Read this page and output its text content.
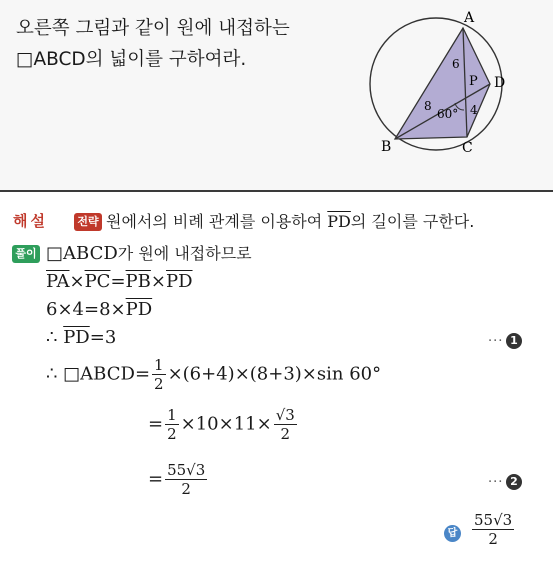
오른쪽 그림과 같이 원에 내접하는
□ABCD의 넓이를 구하여라.
A
B	C
D
P
6
8	4
60°
해설	전략 원에서의 비례 관계를 이용하여 $\overline{PD}$의 길이를 구한다.
풀이 □ABCD가 원에 내접하므로
$\overline{PA}\times\overline{PC}=\overline{PB}\times\overline{PD}$
$6\times 4=8\times\overline{PD}$
∴ $\overline{PD}=3$	··· 1
∴ □ABCD= $\frac{1}{2} \times(6+4)\times(8+3)\times\sin$ 60°
= $\frac{1}{2} \times 10\times 11\times \frac{√3}{2}$
= $\frac{55√3}{2}$	··· 2
답 $\frac{55√3}{2}$
